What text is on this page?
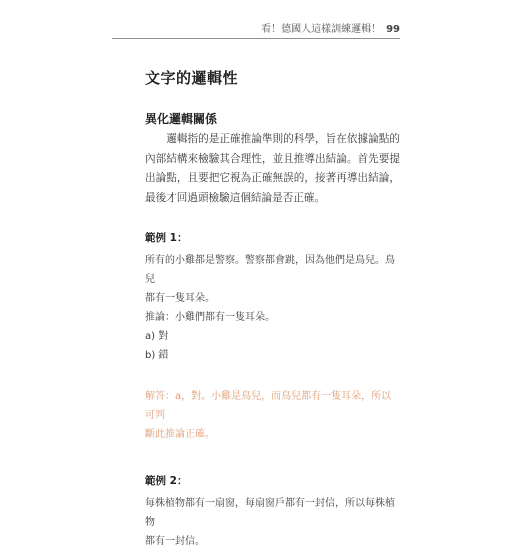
看！德國人這樣訓練邏輯！ 99
文字的邏輯性
異化邏輯關係

邏輯指的是正確推論準則的科學，旨在依據論點的內部結構來檢驗其合理性，並且推導出結論。首先要提出論點，且要把它視為正確無誤的，接著再導出結論，最後才回過頭檢驗這個結論是否正確。

範例 1：

所有的小雞都是警察。警察都會跳，因為他們是鳥兒。鳥兒

都有一隻耳朵。

推論：小雞們都有一隻耳朵。

a) 對

b) 錯

解答：a，對。小雞是鳥兒，而鳥兒都有一隻耳朵，所以可判

斷此推論正確。

範例 2：

每株植物都有一扇窗，每扇窗戶都有一封信，所以每株植物

都有一封信。
